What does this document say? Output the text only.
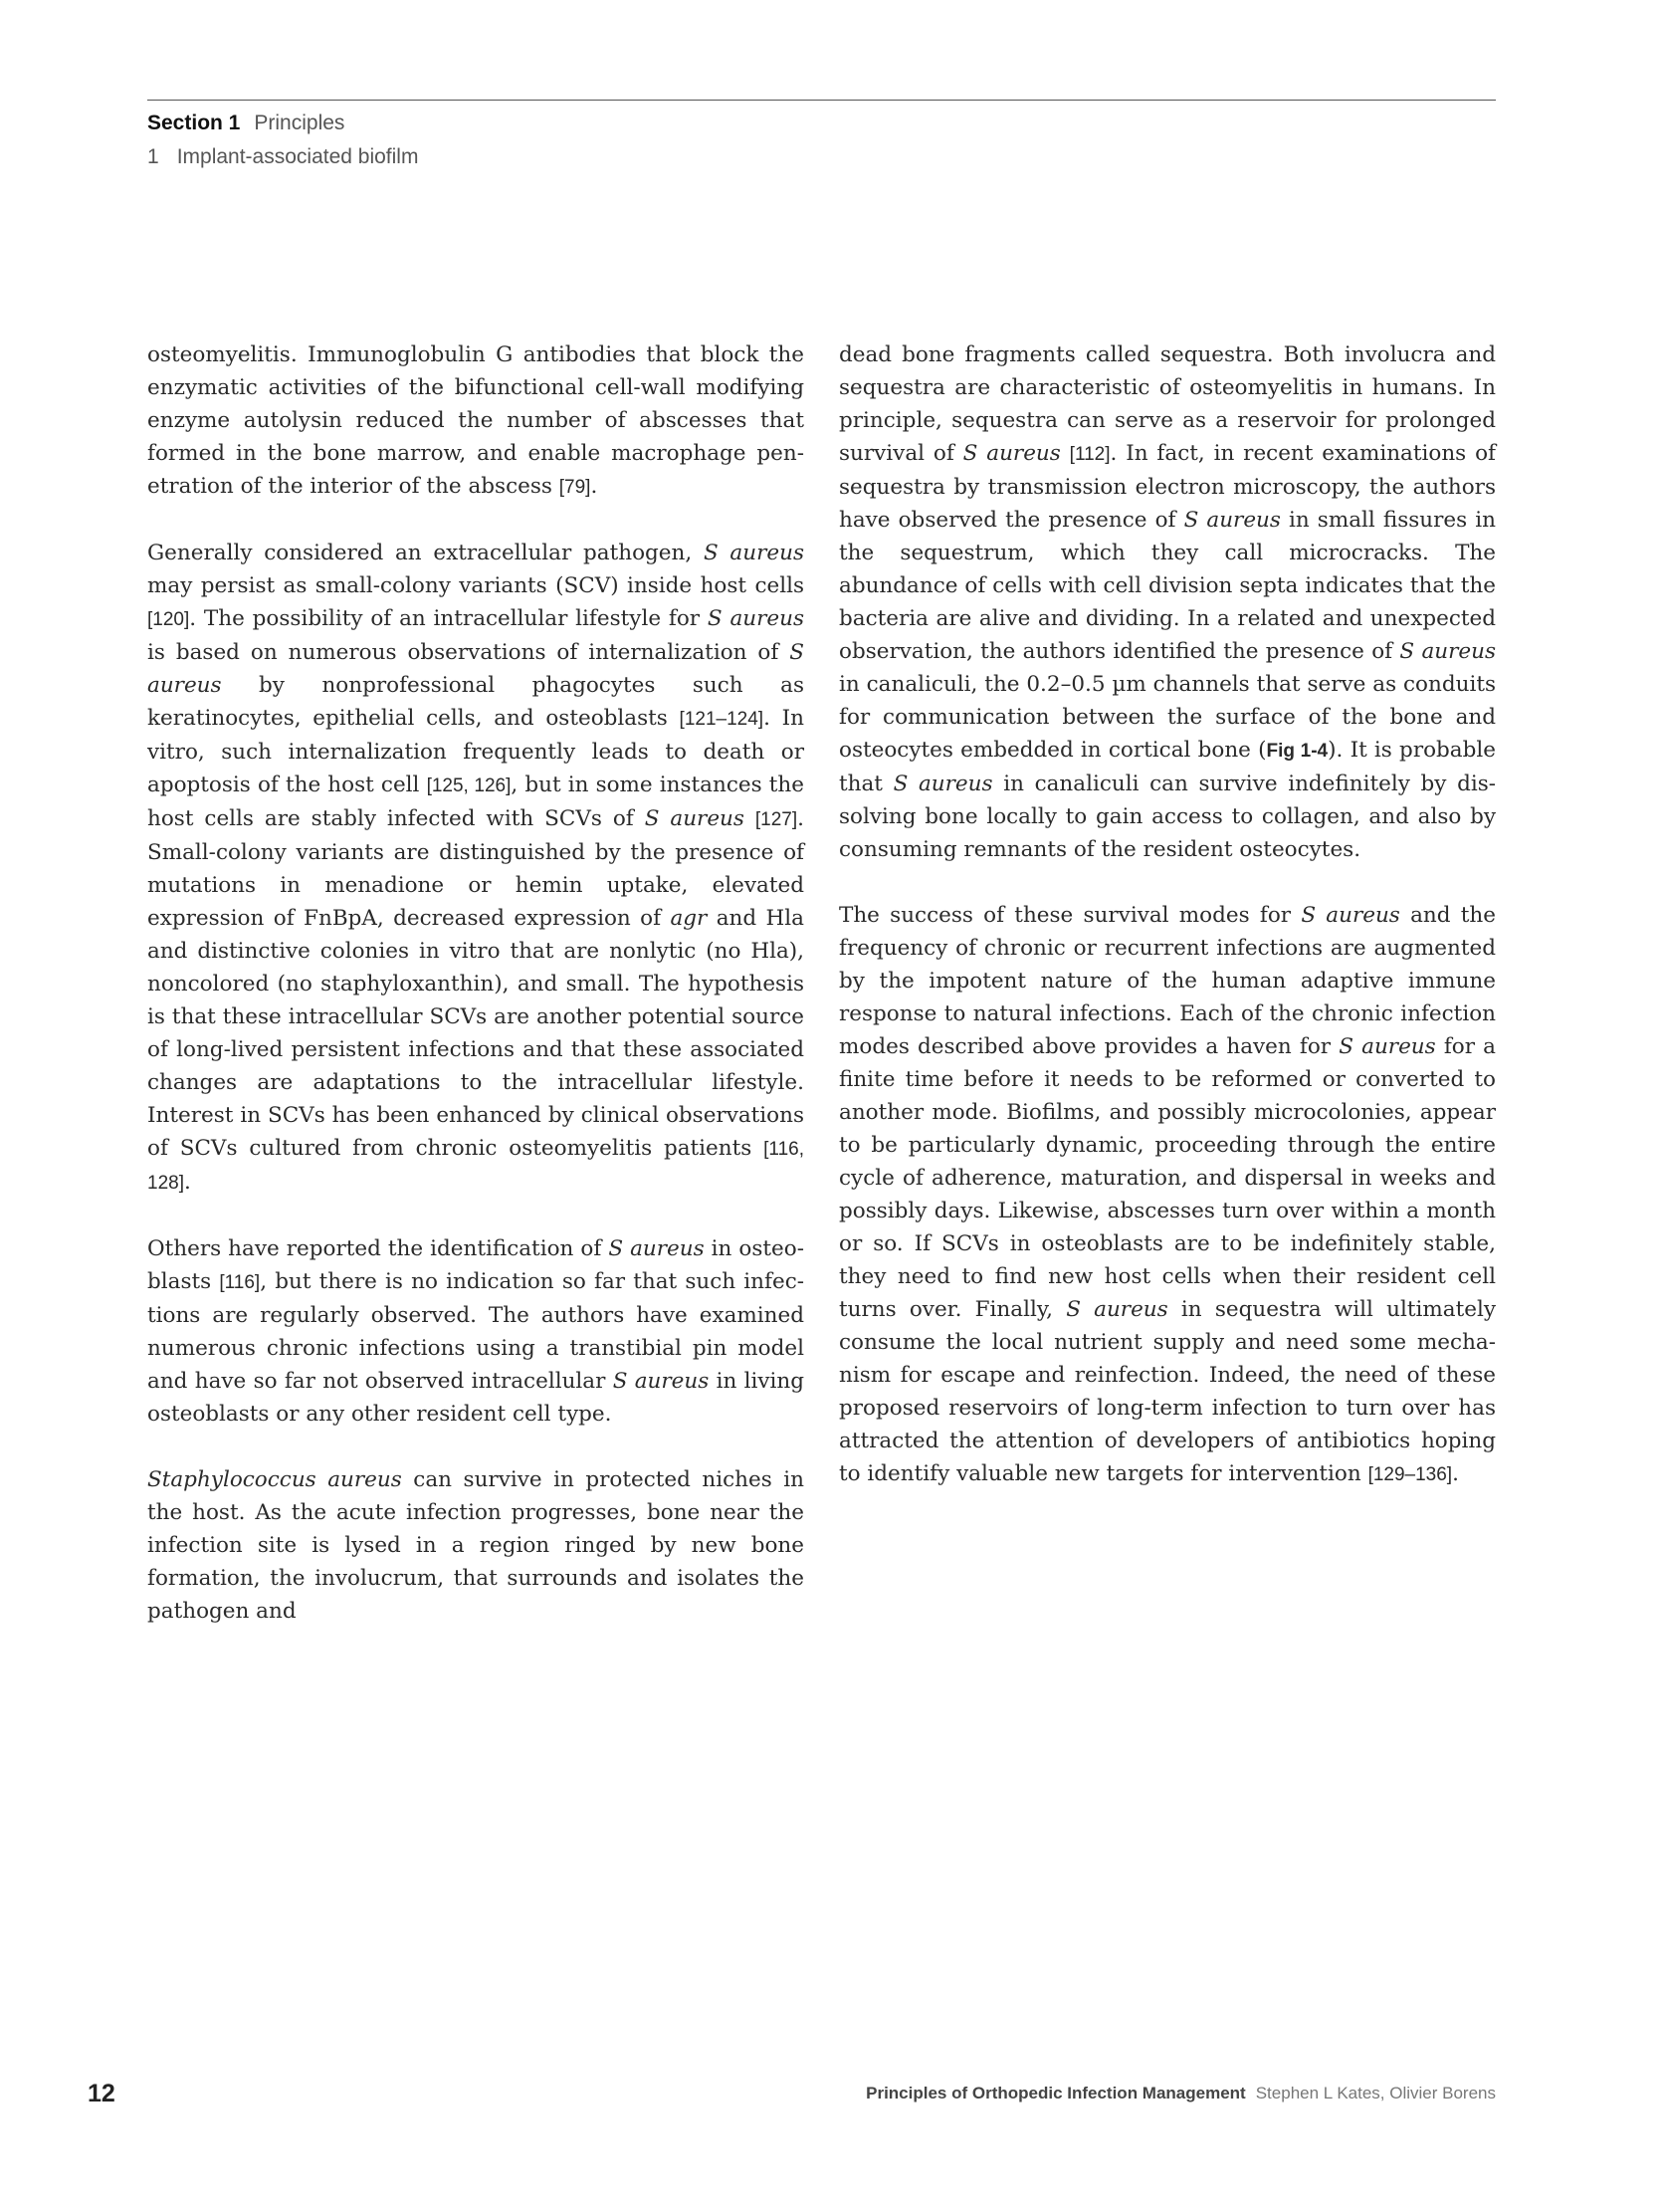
Section 1 Principles
1 Implant-associated biofilm

osteomyelitis. Immunoglobulin G antibodies that block the enzymatic activities of the bifunctional cell-wall modifying enzyme autolysin reduced the number of abscesses that formed in the bone marrow, and enable macrophage penetration of the interior of the abscess [79].

Generally considered an extracellular pathogen, S aureus may persist as small-colony variants (SCV) inside host cells [120]. The possibility of an intracellular lifestyle for S aureus is based on numerous observations of internalization of S aureus by nonprofessional phagocytes such as keratinocytes, epithelial cells, and osteoblasts [121–124]. In vitro, such internalization frequently leads to death or apoptosis of the host cell [125, 126], but in some instances the host cells are stably infected with SCVs of S aureus [127]. Small-colony variants are distinguished by the presence of mutations in menadione or hemin uptake, elevated expression of FnBpA, decreased expression of agr and Hla and distinctive colonies in vitro that are nonlytic (no Hla), noncolored (no staphyloxanthin), and small. The hypothesis is that these intracellular SCVs are another potential source of long-lived persistent infections and that these associated changes are adaptations to the intracellular lifestyle. Interest in SCVs has been enhanced by clinical observations of SCVs cultured from chronic osteomyelitis patients [116, 128].

Others have reported the identification of S aureus in osteoblasts [116], but there is no indication so far that such infections are regularly observed. The authors have examined numerous chronic infections using a transtibial pin model and have so far not observed intracellular S aureus in living osteoblasts or any other resident cell type.

Staphylococcus aureus can survive in protected niches in the host. As the acute infection progresses, bone near the infection site is lysed in a region ringed by new bone formation, the involucrum, that surrounds and isolates the pathogen and

dead bone fragments called sequestra. Both involucra and sequestra are characteristic of osteomyelitis in humans. In principle, sequestra can serve as a reservoir for prolonged survival of S aureus [112]. In fact, in recent examinations of sequestra by transmission electron microscopy, the authors have observed the presence of S aureus in small fissures in the sequestrum, which they call microcracks. The abundance of cells with cell division septa indicates that the bacteria are alive and dividing. In a related and unexpected observation, the authors identified the presence of S aureus in canaliculi, the 0.2–0.5 µm channels that serve as conduits for communication between the surface of the bone and osteocytes embedded in cortical bone (Fig 1-4). It is probable that S aureus in canaliculi can survive indefinitely by dissolving bone locally to gain access to collagen, and also by consuming remnants of the resident osteocytes.

The success of these survival modes for S aureus and the frequency of chronic or recurrent infections are augmented by the impotent nature of the human adaptive immune response to natural infections. Each of the chronic infection modes described above provides a haven for S aureus for a finite time before it needs to be reformed or converted to another mode. Biofilms, and possibly microcolonies, appear to be particularly dynamic, proceeding through the entire cycle of adherence, maturation, and dispersal in weeks and possibly days. Likewise, abscesses turn over within a month or so. If SCVs in osteoblasts are to be indefinitely stable, they need to find new host cells when their resident cell turns over. Finally, S aureus in sequestra will ultimately consume the local nutrient supply and need some mechanism for escape and reinfection. Indeed, the need of these proposed reservoirs of long-term infection to turn over has attracted the attention of developers of antibiotics hoping to identify valuable new targets for intervention [129–136].

12	Principles of Orthopedic Infection Management Stephen L Kates, Olivier Borens
